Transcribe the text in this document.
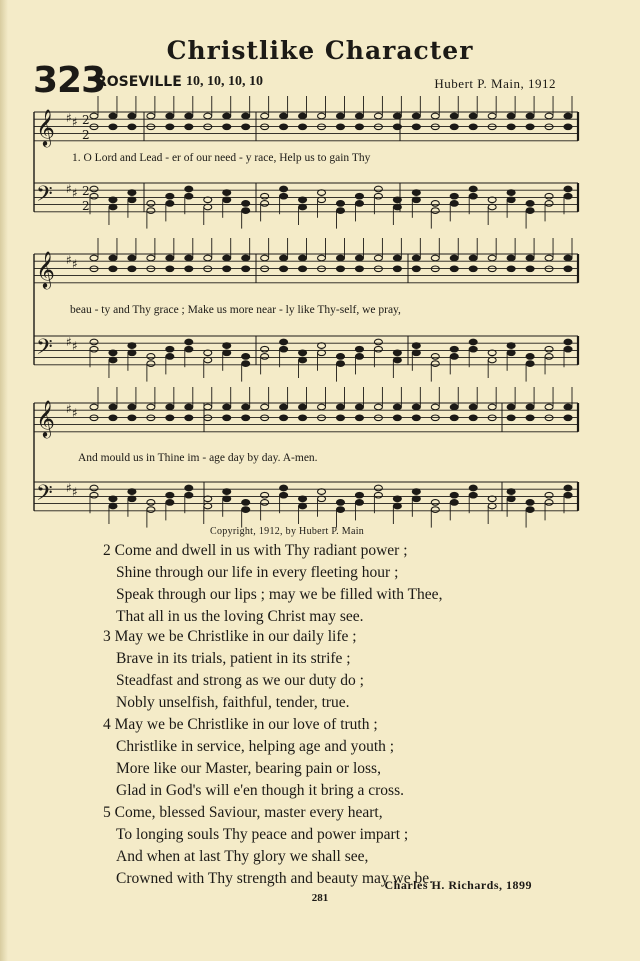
Christlike Character
323
ROSEVILLE 10, 10, 10, 10	Hubert P. Main, 1912
𝄞 ♯ ♯ 2
2
𝄢 ♯ ♯ 2
2
𝄞 ♯ ♯
𝄢 ♯ ♯
𝄞 ♯ ♯
𝄢 ♯ ♯
1. O Lord and Lead - er of our need - y race, Help us to gain Thy
beau - ty and Thy grace ; Make us more near - ly like Thy-self, we pray,
And mould us in Thine im - age day by day. A-men.
Copyright, 1912, by Hubert P. Main
2 Come and dwell in us with Thy radiant power ;
Shine through our life in every fleeting hour ;
Speak through our lips ; may we be filled with Thee,
That all in us the loving Christ may see.
3 May we be Christlike in our daily life ;
Brave in its trials, patient in its strife ;
Steadfast and strong as we our duty do ;
Nobly unselfish, faithful, tender, true.
4 May we be Christlike in our love of truth ;
Christlike in service, helping age and youth ;
More like our Master, bearing pain or loss,
Glad in God's will e'en though it bring a cross.
5 Come, blessed Saviour, master every heart,
To longing souls Thy peace and power impart ;
And when at last Thy glory we shall see,
Crowned with Thy strength and beauty may we be.
Charles H. Richards, 1899
281
